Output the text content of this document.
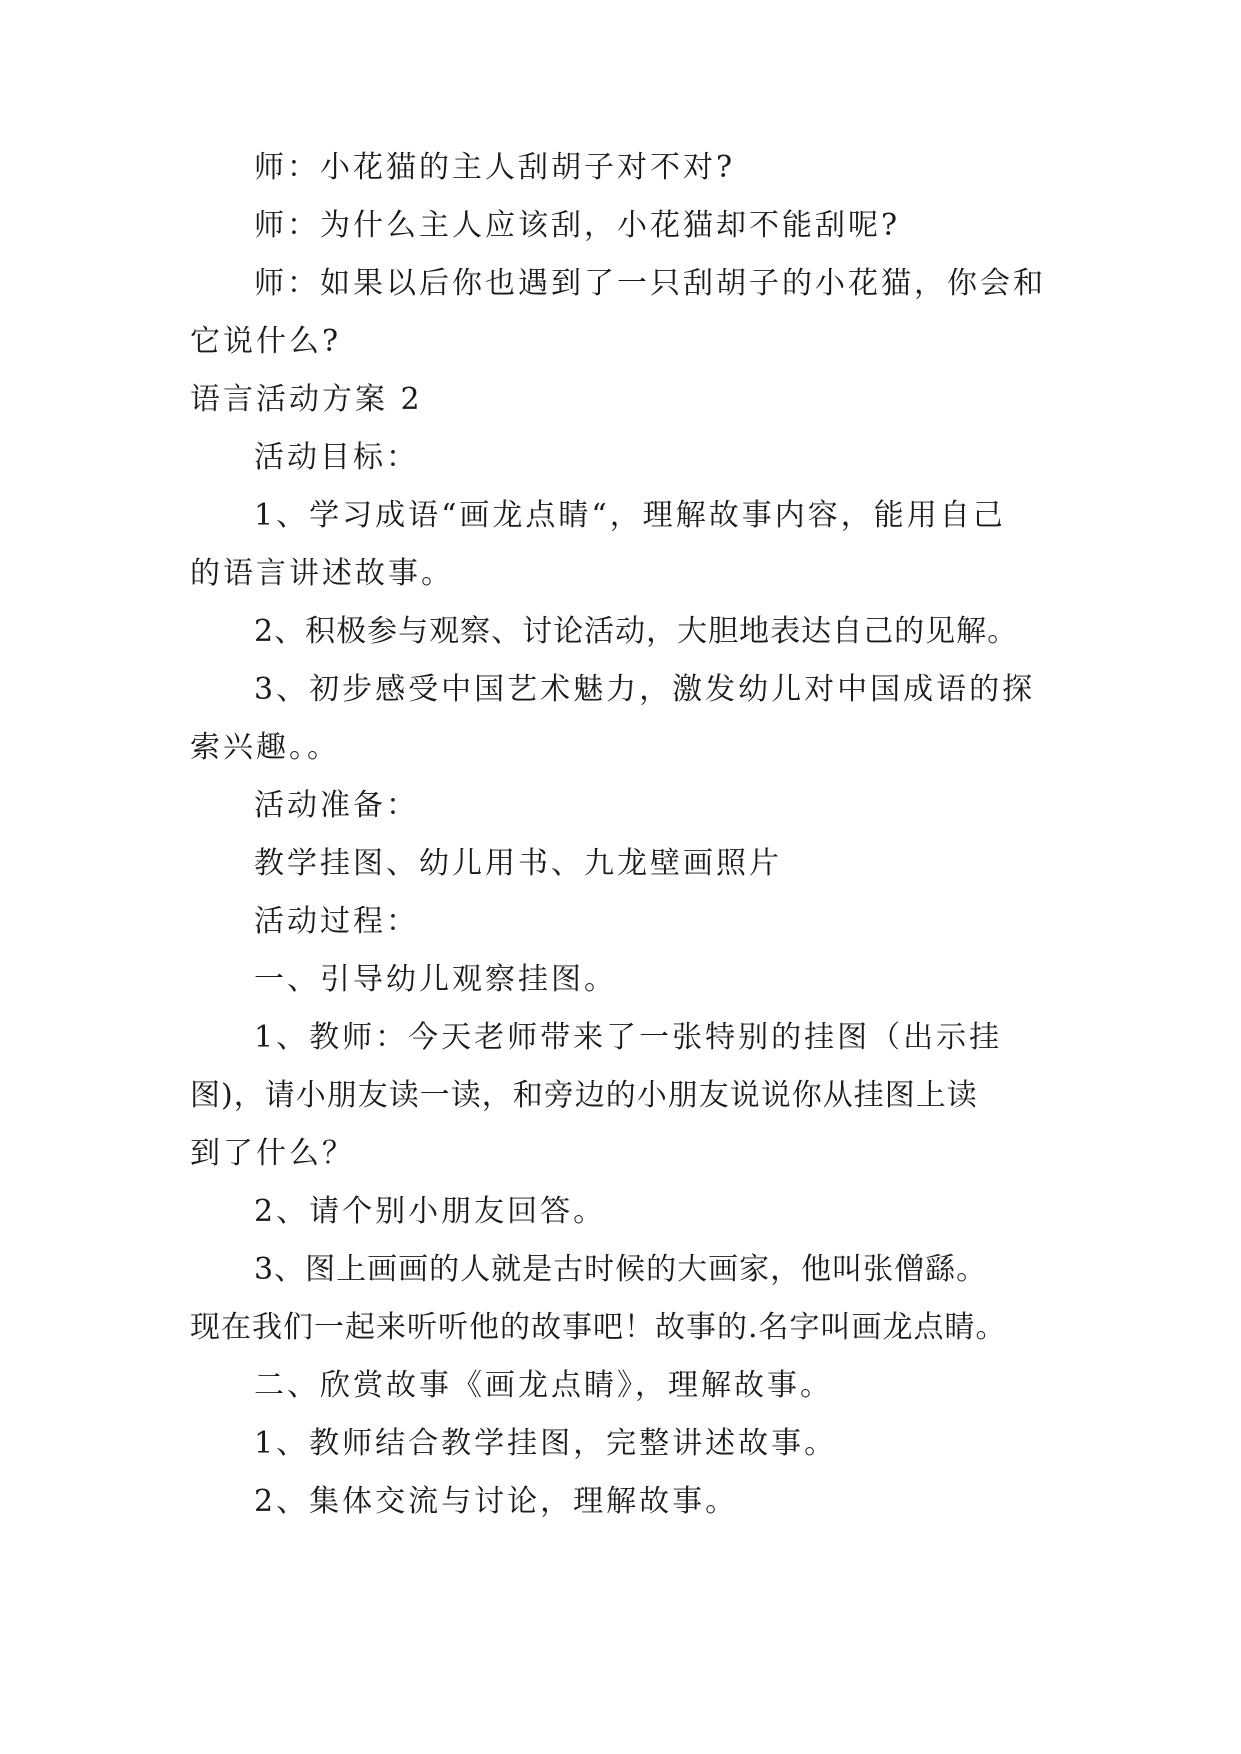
师：小花猫的主人刮胡子对不对?
师：为什么主人应该刮，小花猫却不能刮呢?
师：如果以后你也遇到了一只刮胡子的小花猫，你会和
它说什么?
语言活动方案 2
活动目标：
1、学习成语“画龙点睛“，理解故事内容，能用自己
的语言讲述故事。
2、积极参与观察、讨论活动，大胆地表达自己的见解。
3、初步感受中国艺术魅力，激发幼儿对中国成语的探
索兴趣。。
活动准备：
教学挂图、幼儿用书、九龙壁画照片
活动过程：
一、引导幼儿观察挂图。
1、教师：今天老师带来了一张特别的挂图（出示挂
图)，请小朋友读一读，和旁边的小朋友说说你从挂图上读
到了什么？
2、请个别小朋友回答。
3、图上画画的人就是古时候的大画家，他叫张僧繇。
现在我们一起来听听他的故事吧！故事的.名字叫画龙点睛。
二、欣赏故事《画龙点睛》，理解故事。
1、教师结合教学挂图，完整讲述故事。
2、集体交流与讨论，理解故事。
